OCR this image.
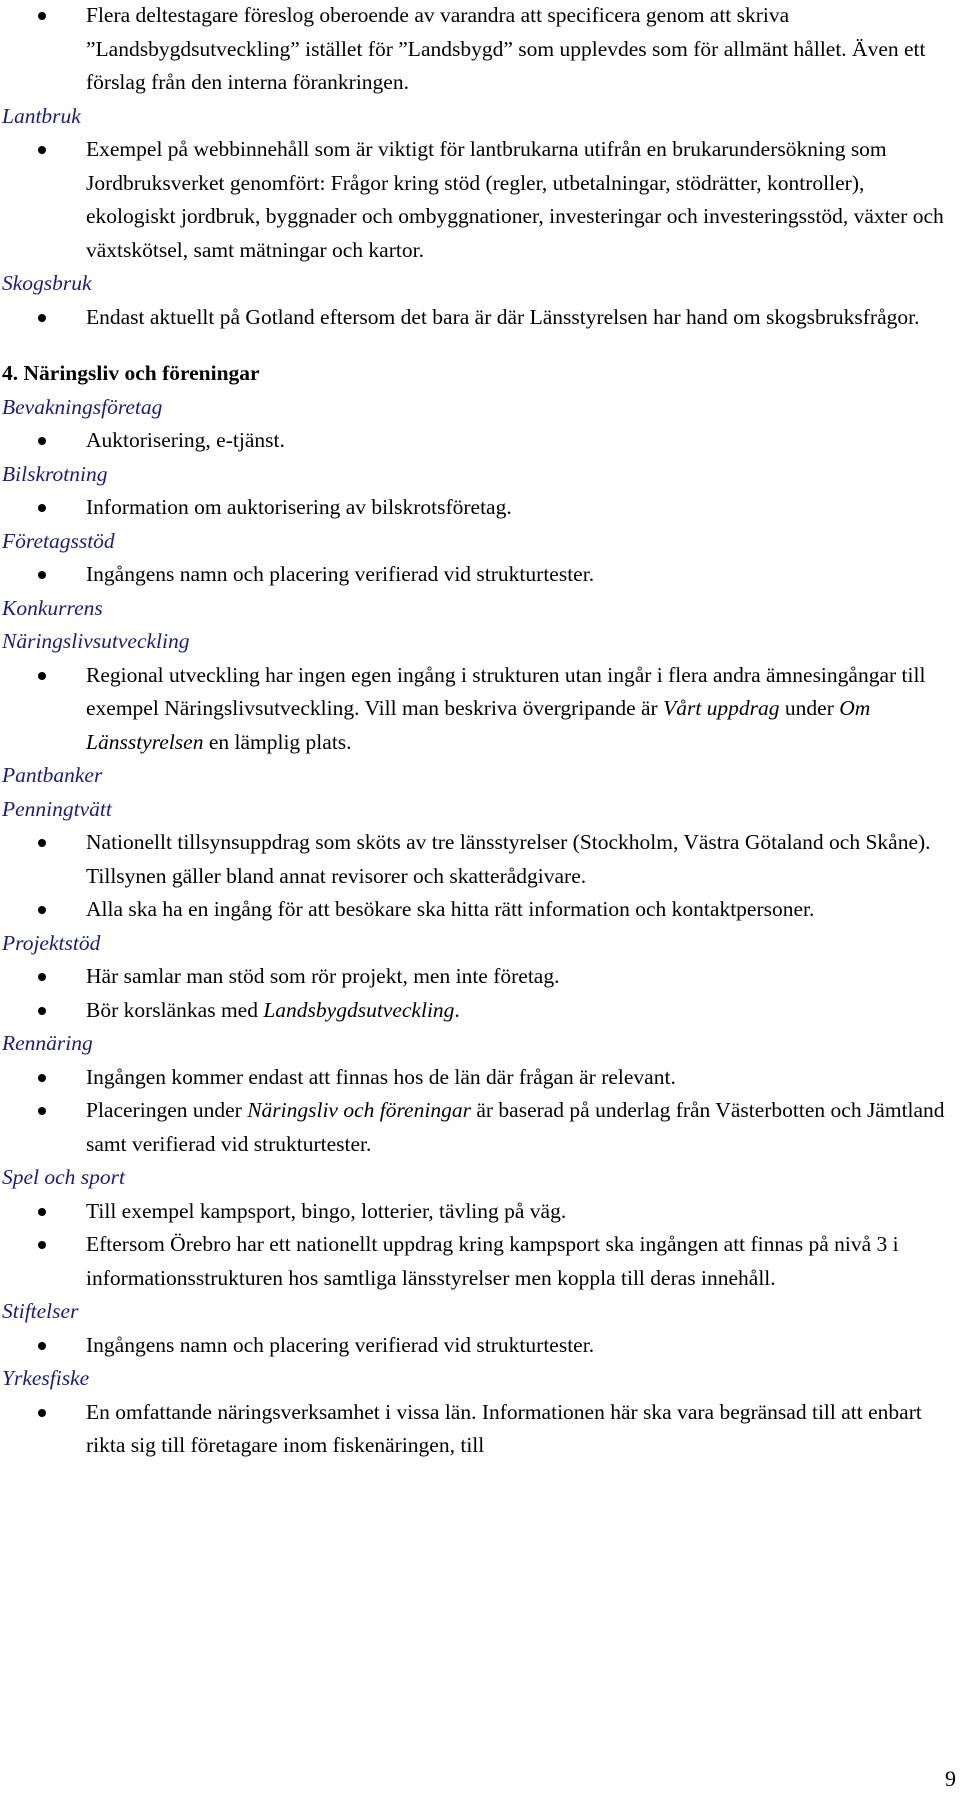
Flera deltestagare föreslog oberoende av varandra att specificera genom att skriva ”Landsbygdsutveckling” istället för ”Landsbygd” som upplevdes som för allmänt hållet. Även ett förslag från den interna förankringen.
Lantbruk
Exempel på webbinnehåll som är viktigt för lantbrukarna utifrån en brukarundersökning som Jordbruksverket genomfört: Frågor kring stöd (regler, utbetalningar, stödrätter, kontroller), ekologiskt jordbruk, byggnader och ombyggnationer, investeringar och investeringsstöd, växter och växtskötsel, samt mätningar och kartor.
Skogsbruk
Endast aktuellt på Gotland eftersom det bara är där Länsstyrelsen har hand om skogsbruksfrågor.
4. Näringsliv och föreningar
Bevakningsföretag
Auktorisering, e-tjänst.
Bilskrotning
Information om auktorisering av bilskrotsföretag.
Företagsstöd
Ingångens namn och placering verifierad vid strukturtester.
Konkurrens
Näringslivsutveckling
Regional utveckling har ingen egen ingång i strukturen utan ingår i flera andra ämnesingångar till exempel Näringslivsutveckling. Vill man beskriva övergripande är Vårt uppdrag under Om Länsstyrelsen en lämplig plats.
Pantbanker
Penningtvätt
Nationellt tillsynsuppdrag som sköts av tre länsstyrelser (Stockholm, Västra Götaland och Skåne). Tillsynen gäller bland annat revisorer och skatterådgivare.
Alla ska ha en ingång för att besökare ska hitta rätt information och kontaktpersoner.
Projektstöd
Här samlar man stöd som rör projekt, men inte företag.
Bör korslänkas med Landsbygdsutveckling.
Rennäring
Ingången kommer endast att finnas hos de län där frågan är relevant.
Placeringen under Näringsliv och föreningar är baserad på underlag från Västerbotten och Jämtland samt verifierad vid strukturtester.
Spel och sport
Till exempel kampsport, bingo, lotterier, tävling på väg.
Eftersom Örebro har ett nationellt uppdrag kring kampsport ska ingången att finnas på nivå 3 i informationsstrukturen hos samtliga länsstyrelser men koppla till deras innehåll.
Stiftelser
Ingångens namn och placering verifierad vid strukturtester.
Yrkesfiske
En omfattande näringsverksamhet i vissa län. Informationen här ska vara begränsad till att enbart rikta sig till företagare inom fiskenäringen, till
9
